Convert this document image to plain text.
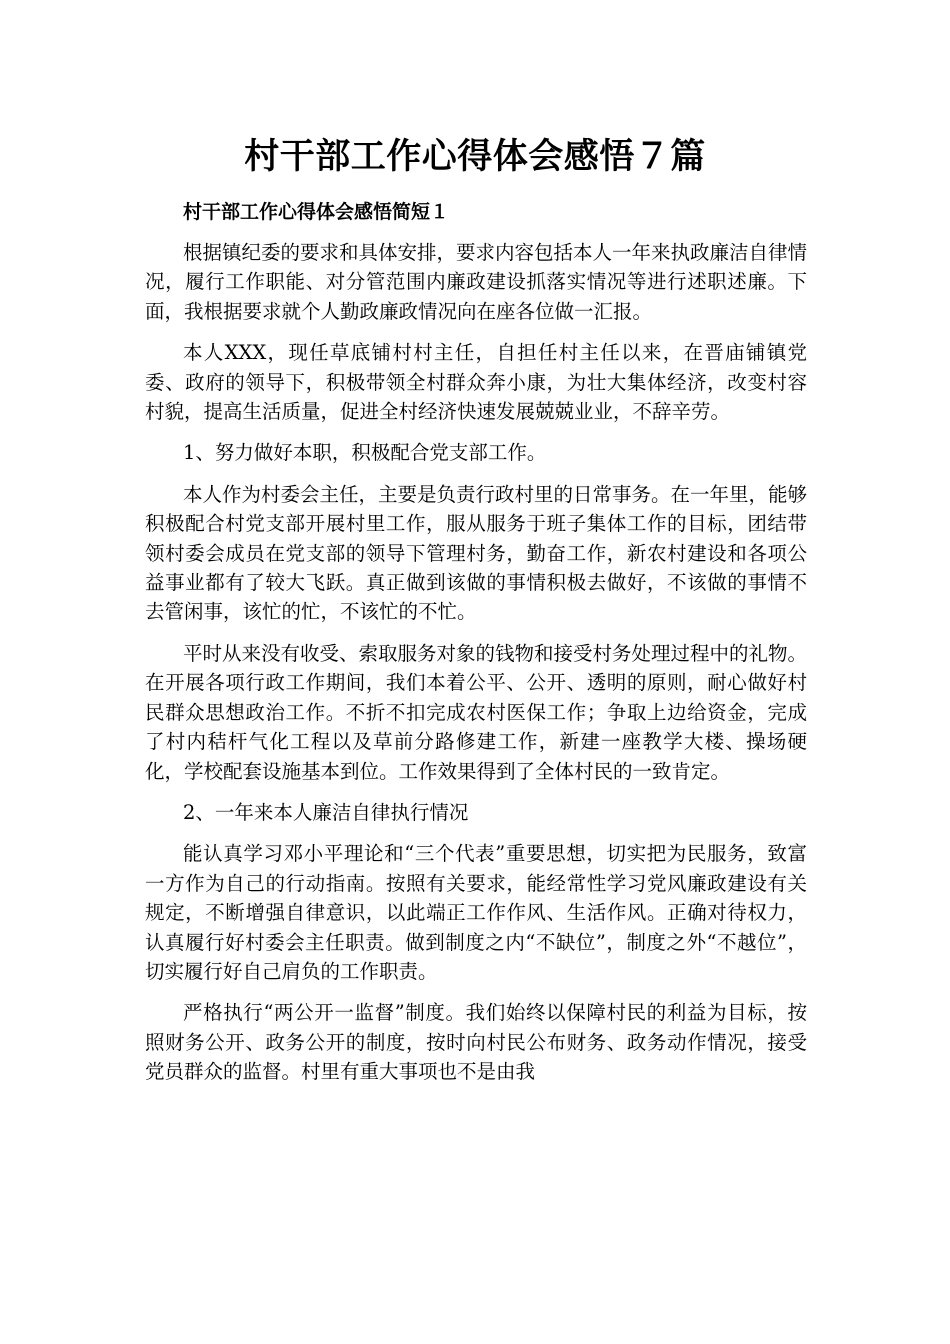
村干部工作心得体会感悟７篇

村干部工作心得体会感悟简短１

根据镇纪委的要求和具体安排，要求内容包括本人一年来执政廉洁自律情况，履行工作职能、对分管范围内廉政建设抓落实情况等进行述职述廉。下面，我根据要求就个人勤政廉政情况向在座各位做一汇报。

本人XXX，现任草底铺村村主任，自担任村主任以来，在晋庙铺镇党委、政府的领导下，积极带领全村群众奔小康，为壮大集体经济，改变村容村貌，提高生活质量，促进全村经济快速发展兢兢业业，不辞辛劳。

1、努力做好本职，积极配合党支部工作。

本人作为村委会主任，主要是负责行政村里的日常事务。在一年里，能够积极配合村党支部开展村里工作，服从服务于班子集体工作的目标，团结带领村委会成员在党支部的领导下管理村务，勤奋工作，新农村建设和各项公益事业都有了较大飞跃。真正做到该做的事情积极去做好，不该做的事情不去管闲事，该忙的忙，不该忙的不忙。

平时从来没有收受、索取服务对象的钱物和接受村务处理过程中的礼物。在开展各项行政工作期间，我们本着公平、公开、透明的原则，耐心做好村民群众思想政治工作。不折不扣完成农村医保工作；争取上边给资金，完成了村内秸杆气化工程以及草前分路修建工作，新建一座教学大楼、操场硬化，学校配套设施基本到位。工作效果得到了全体村民的一致肯定。

2、一年来本人廉洁自律执行情况

能认真学习邓小平理论和“三个代表”重要思想，切实把为民服务，致富一方作为自己的行动指南。按照有关要求，能经常性学习党风廉政建设有关规定，不断增强自律意识，以此端正工作作风、生活作风。正确对待权力，认真履行好村委会主任职责。做到制度之内“不缺位”，制度之外“不越位”，切实履行好自己肩负的工作职责。

严格执行“两公开一监督”制度。我们始终以保障村民的利益为目标，按照财务公开、政务公开的制度，按时向村民公布财务、政务动作情况，接受党员群众的监督。村里有重大事项也不是由我
